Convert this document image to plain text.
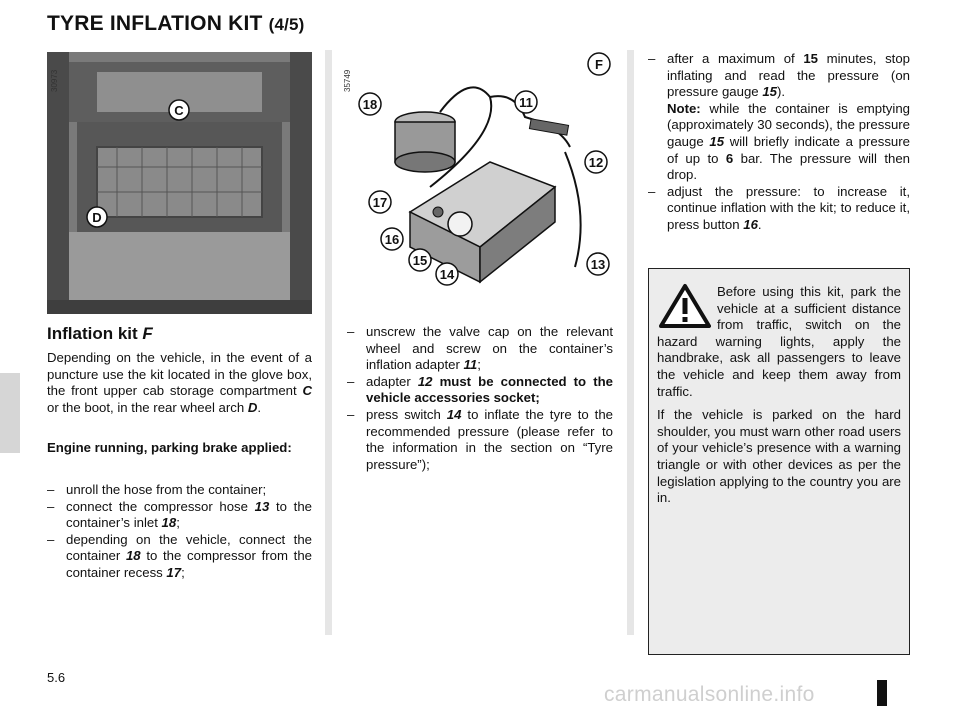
TYRE INFLATION KIT (4/5)
C
D
30973
18	11
12
17
16
15
14
13
F
35749
Inflation kit F
Depending on the vehicle, in the event of a puncture use the kit located in the glove box, the front upper cab storage compartment C or the boot, in the rear wheel arch D.
Engine running, parking brake applied:
– unroll the hose from the container;
– connect the compressor hose 13 to the container’s inlet 18;
– depending on the vehicle, connect the container 18 to the compressor from the container recess 17;
– unscrew the valve cap on the relevant wheel and screw on the container’s inflation adapter 11;
– adapter 12 must be connected to the vehicle accessories socket;
– press switch 14 to inflate the tyre to the recommended pressure (please refer to the information in the section on “Tyre pressure”);
– after a maximum of 15 minutes, stop inflating and read the pressure (on pressure gauge 15).
Note: while the container is emptying (approximately 30 seconds), the pressure gauge 15 will briefly indicate a pressure of up to 6 bar. The pressure will then drop.
– adjust the pressure: to increase it, continue inflation with the kit; to reduce it, press button 16.
Before using this kit, park the vehicle at a sufficient distance from traffic, switch on the hazard warning lights, apply the handbrake, ask all passengers to leave the vehicle and keep them away from traffic.
If the vehicle is parked on the hard shoulder, you must warn other road users of your vehicle’s presence with a warning triangle or with other devices as per the legislation applying to the country you are in.
5.6
carmanualsonline.info
